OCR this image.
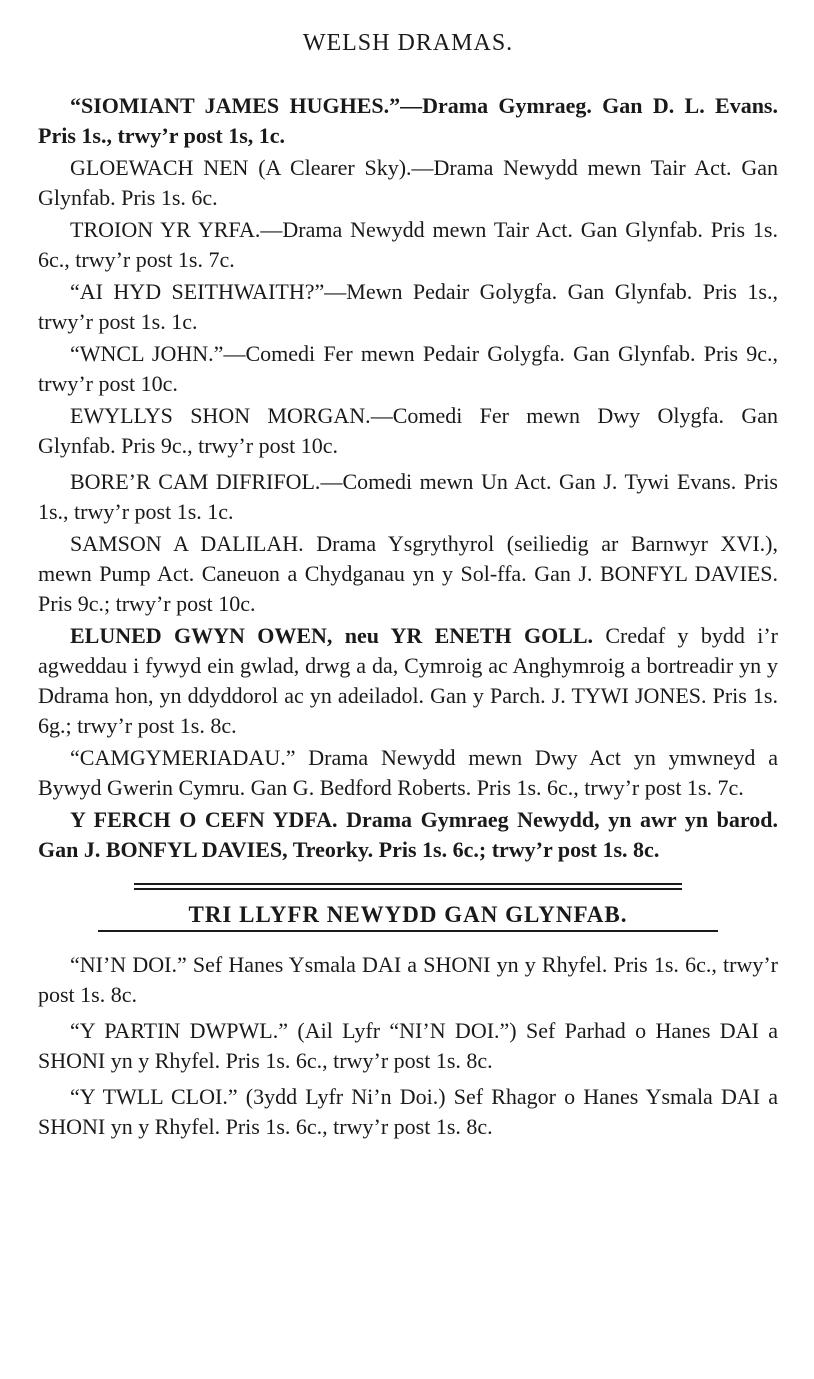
WELSH DRAMAS.

“SIOMIANT JAMES HUGHES.”—Drama Gymraeg. Gan D. L. Evans. Pris 1s., trwy’r post 1s, 1c.

GLOEWACH NEN (A Clearer Sky).—Drama Newydd mewn Tair Act. Gan Glynfab. Pris 1s. 6c.

TROION YR YRFA.—Drama Newydd mewn Tair Act. Gan Glynfab. Pris 1s. 6c., trwy’r post 1s. 7c.

“AI HYD SEITHWAITH?”—Mewn Pedair Golygfa. Gan Glynfab. Pris 1s., trwy’r post 1s. 1c.

“WNCL JOHN.”—Comedi Fer mewn Pedair Golygfa. Gan Glynfab. Pris 9c., trwy’r post 10c.

EWYLLYS SHON MORGAN.—Comedi Fer mewn Dwy Olygfa. Gan Glynfab. Pris 9c., trwy’r post 10c.

BORE’R CAM DIFRIFOL.—Comedi mewn Un Act. Gan J. Tywi Evans. Pris 1s., trwy’r post 1s. 1c.

SAMSON A DALILAH. Drama Ysgrythyrol (seiliedig ar Barnwyr XVI.), mewn Pump Act. Caneuon a Chydganau yn y Sol-ffa. Gan J. BONFYL DAVIES. Pris 9c.; trwy’r post 10c.

ELUNED GWYN OWEN, neu YR ENETH GOLL. Credaf y bydd i’r agweddau i fywyd ein gwlad, drwg a da, Cymroig ac Anghymroig a bortreadir yn y Ddrama hon, yn ddyddorol ac yn adeiladol. Gan y Parch. J. TYWI JONES. Pris 1s. 6g.; trwy’r post 1s. 8c.

“CAMGYMERIADAU.” Drama Newydd mewn Dwy Act yn ymwneyd a Bywyd Gwerin Cymru. Gan G. Bedford Roberts. Pris 1s. 6c., trwy’r post 1s. 7c.

Y FERCH O CEFN YDFA. Drama Gymraeg Newydd, yn awr yn barod. Gan J. BONFYL DAVIES, Treorky. Pris 1s. 6c.; trwy’r post 1s. 8c.

TRI LLYFR NEWYDD GAN GLYNFAB.

“NI’N DOI.” Sef Hanes Ysmala DAI a SHONI yn y Rhyfel. Pris 1s. 6c., trwy’r post 1s. 8c.

“Y PARTIN DWPWL.” (Ail Lyfr “NI’N DOI.”) Sef Parhad o Hanes DAI a SHONI yn y Rhyfel. Pris 1s. 6c., trwy’r post 1s. 8c.

“Y TWLL CLOI.” (3ydd Lyfr Ni’n Doi.) Sef Rhagor o Hanes Ysmala DAI a SHONI yn y Rhyfel. Pris 1s. 6c., trwy’r post 1s. 8c.
